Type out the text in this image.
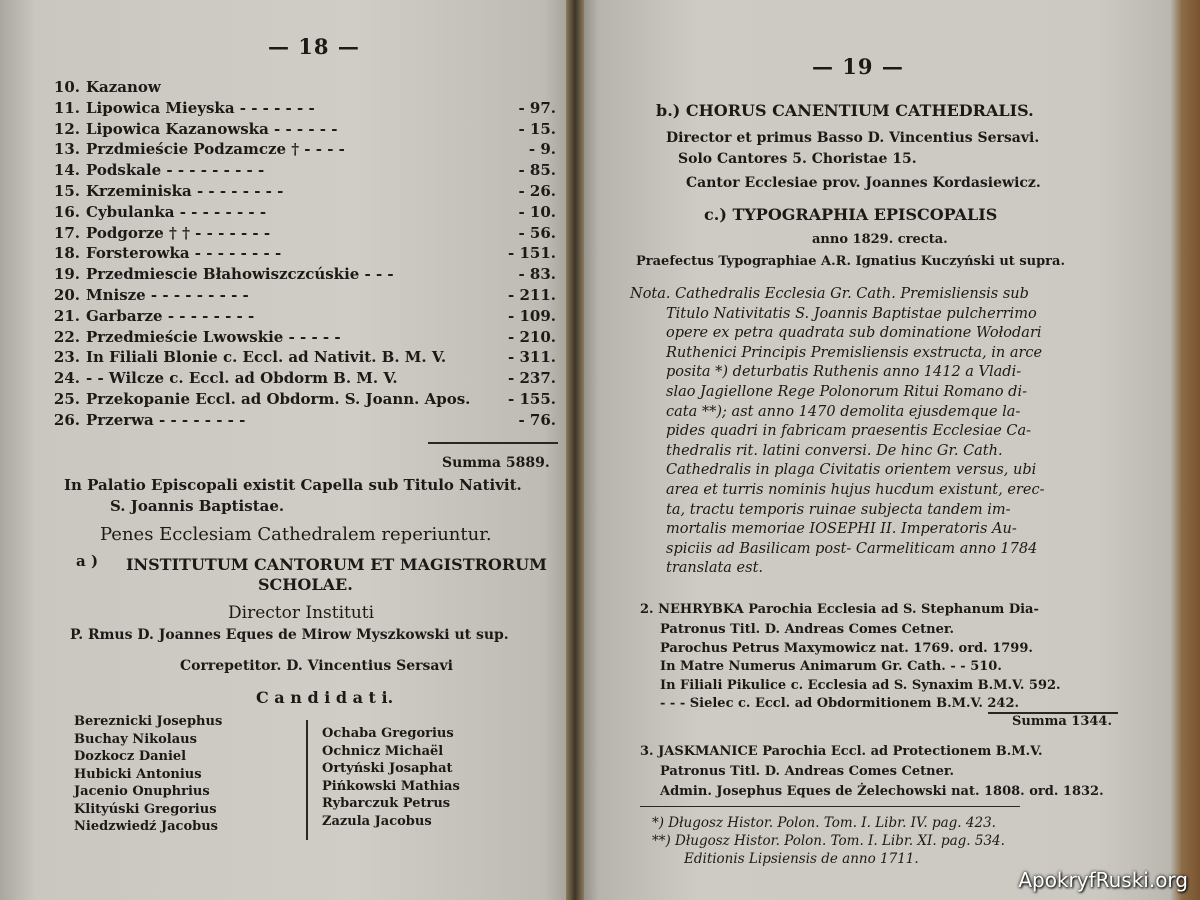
— 18 —
10. Kazanow
11. Lipowica Mieyska - - - - - - -	- 97.
12. Lipowica Kazanowska - - - - - -	- 15.
13. Przdmieście Podzamcze † - - - -	- 9.
14. Podskale - - - - - - - - -	- 85.
15. Krzeminiska - - - - - - - -	- 26.
16. Cybulanka - - - - - - - -	- 10.
17. Podgorze † † - - - - - - -	- 56.
18. Forsterowka - - - - - - - -	- 151.
19. Przedmiescie Błahowiszczcúskie - - -	- 83.
20. Mnisze - - - - - - - - -	- 211.
21. Garbarze - - - - - - - -	- 109.
22. Przedmieście Lwowskie - - - - -	- 210.
23. In Filiali Blonie c. Eccl. ad Nativit. B. M. V.	- 311.
24. - - Wilcze c. Eccl. ad Obdorm B. M. V.	- 237.
25. Przekopanie Eccl. ad Obdorm. S. Joann. Apos.	- 155.
26. Przerwa - - - - - - - -	- 76.
Summa 5889.
In Palatio Episcopali existit Capella sub Titulo Nativit.
S. Joannis Baptistae.
Penes Ecclesiam Cathedralem reperiuntur.
a ) INSTITUTUM CANTORUM ET MAGISTRORUM
SCHOLAE.
Director Instituti
P. Rmus D. Joannes Eques de Mirow Myszkowski ut sup.
Correpetitor. D. Vincentius Sersavi
C a n d i d a t i.
Bereznicki Josephus
Buchay Nikolaus
Dozkocz Daniel
Hubicki Antonius
Jacenio Onuphrius
Klityúski Gregorius
Niedzwiedź Jacobus
Ochaba Gregorius
Ochnicz Michaël
Ortyński Josaphat
Pińkowski Mathias
Rybarczuk Petrus
Zazula Jacobus
— 19 —
b.) CHORUS CANENTIUM CATHEDRALIS.
Director et primus Basso D. Vincentius Sersavi.
Solo Cantores 5. Choristae 15.
Cantor Ecclesiae prov. Joannes Kordasiewicz.
c.) TYPOGRAPHIA EPISCOPALIS
anno 1829. crecta.
Praefectus Typographiae A.R. Ignatius Kuczyński ut supra.
Nota. Cathedralis Ecclesia Gr. Cath. Premisliensis sub
Titulo Nativitatis S. Joannis Baptistae pulcherrimo
opere ex petra quadrata sub dominatione Wołodari
Ruthenici Principis Premisliensis exstructa, in arce
posita *) deturbatis Ruthenis anno 1412 a Vladi-
slao Jagiellone Rege Polonorum Ritui Romano di-
cata **); ast anno 1470 demolita ejusdemque la-
pides quadri in fabricam praesentis Ecclesiae Ca-
thedralis rit. latini conversi. De hinc Gr. Cath.
Cathedralis in plaga Civitatis orientem versus, ubi
area et turris nominis hujus hucdum existunt, erec-
ta, tractu temporis ruinae subjecta tandem im-
mortalis memoriae IOSEPHI II. Imperatoris Au-
spiciis ad Basilicam post- Carmeliticam anno 1784
translata est.
2. NEHRYBKA Parochia Ecclesia ad S. Stephanum Dia-
Patronus Titl. D. Andreas Comes Cetner.
Parochus Petrus Maxymowicz nat. 1769. ord. 1799.
In Matre Numerus Animarum Gr. Cath. - - 510.
In Filiali Pikulice c. Ecclesia ad S. Synaxim B.M.V. 592.
- - - Sielec c. Eccl. ad Obdormitionem B.M.V. 242.
Summa 1344.
3. JASKMANICE Parochia Eccl. ad Protectionem B.M.V.
Patronus Titl. D. Andreas Comes Cetner.
Admin. Josephus Eques de Żelechowski nat. 1808. ord. 1832.
*) Długosz Histor. Polon. Tom. I. Libr. IV. pag. 423.
**) Długosz Histor. Polon. Tom. I. Libr. XI. pag. 534.
Editionis Lipsiensis de anno 1711.
ApokryfRuski.org
